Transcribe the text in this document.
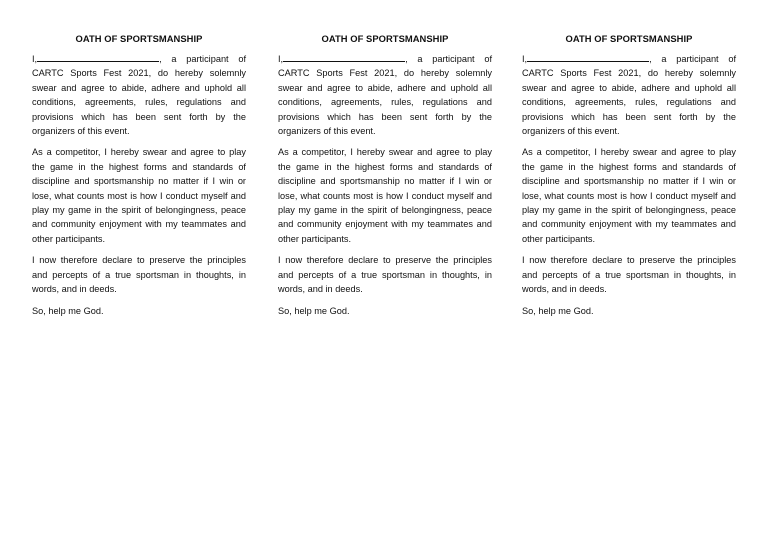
OATH OF SPORTSMANSHIP

I,	, a participant of CARTC Sports Fest 2021, do hereby solemnly swear and agree to abide, adhere and uphold all conditions, agreements, rules, regulations and provisions which has been sent forth by the organizers of this event.

As a competitor, I hereby swear and agree to play the game in the highest forms and standards of discipline and sportsmanship no matter if I win or lose, what counts most is how I conduct myself and play my game in the spirit of belongingness, peace and community enjoyment with my teammates and other participants.

I now therefore declare to preserve the principles and percepts of a true sportsman in thoughts, in words, and in deeds.

So, help me God.

OATH OF SPORTSMANSHIP

I,	, a participant of CARTC Sports Fest 2021, do hereby solemnly swear and agree to abide, adhere and uphold all conditions, agreements, rules, regulations and provisions which has been sent forth by the organizers of this event.

As a competitor, I hereby swear and agree to play the game in the highest forms and standards of discipline and sportsmanship no matter if I win or lose, what counts most is how I conduct myself and play my game in the spirit of belongingness, peace and community enjoyment with my teammates and other participants.

I now therefore declare to preserve the principles and percepts of a true sportsman in thoughts, in words, and in deeds.

So, help me God.

OATH OF SPORTSMANSHIP

I,	, a participant of CARTC Sports Fest 2021, do hereby solemnly swear and agree to abide, adhere and uphold all conditions, agreements, rules, regulations and provisions which has been sent forth by the organizers of this event.

As a competitor, I hereby swear and agree to play the game in the highest forms and standards of discipline and sportsmanship no matter if I win or lose, what counts most is how I conduct myself and play my game in the spirit of belongingness, peace and community enjoyment with my teammates and other participants.

I now therefore declare to preserve the principles and percepts of a true sportsman in thoughts, in words, and in deeds.

So, help me God.
